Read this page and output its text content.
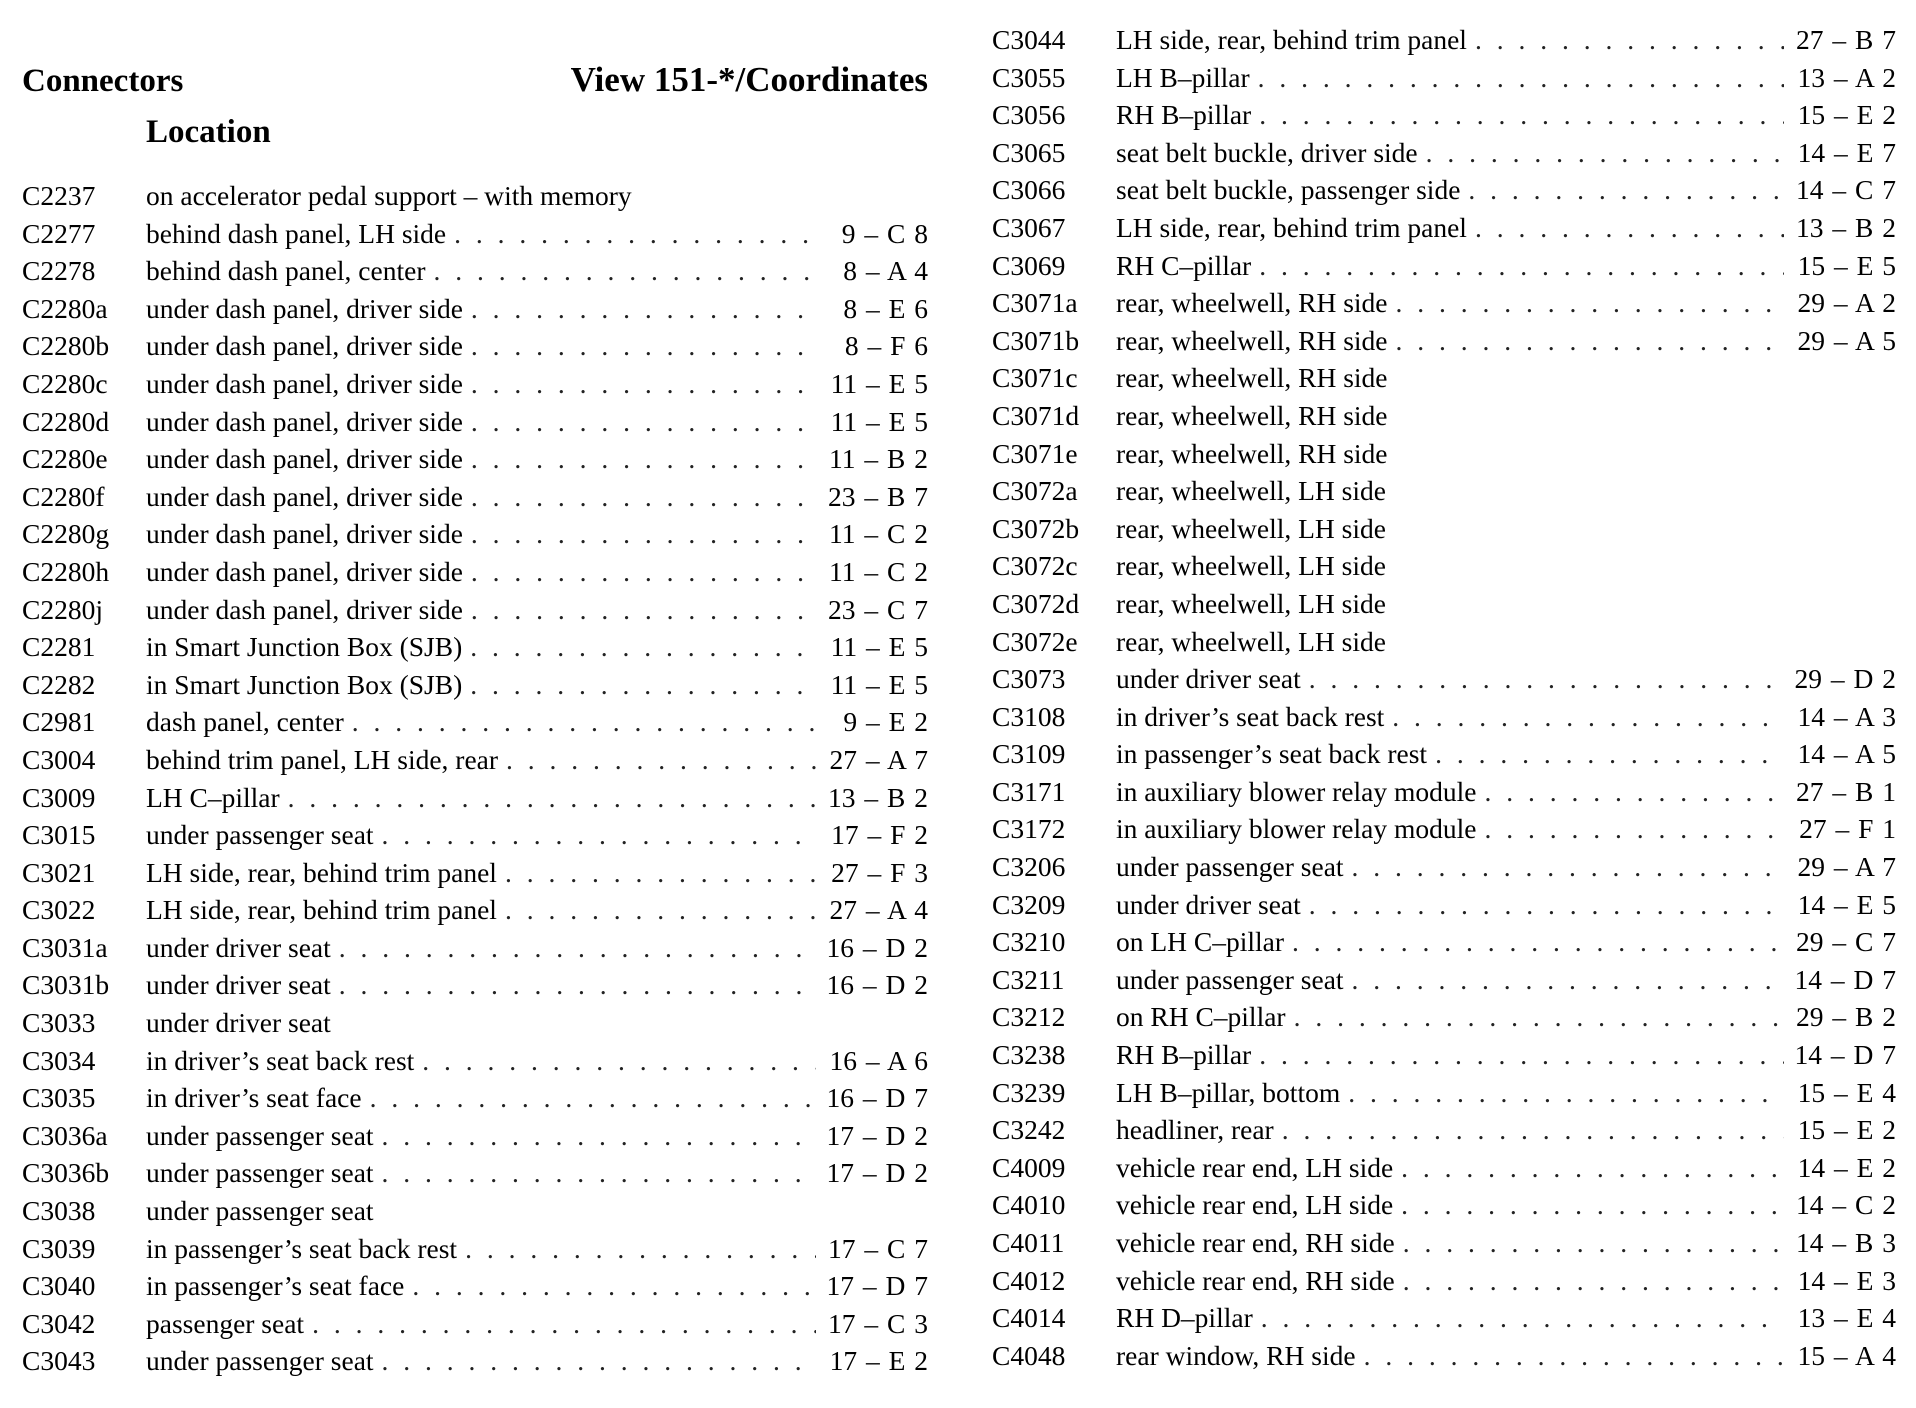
Connectors	View 151-*/Coordinates
Location
C2237	on accelerator pedal support – with memory
C2277	behind dash panel, LH side . . .	9 – C 8
C2278	behind dash panel, center . . .	8 – A 4
C2280a	under dash panel, driver side . . .	8 – E 6
C2280b	under dash panel, driver side . . .	8 – F 6
C2280c	under dash panel, driver side . . .	11 – E 5
C2280d	under dash panel, driver side . . .	11 – E 5
C2280e	under dash panel, driver side . . .	11 – B 2
C2280f	under dash panel, driver side . . .	23 – B 7
C2280g	under dash panel, driver side . . .	11 – C 2
C2280h	under dash panel, driver side . . .	11 – C 2
C2280j	under dash panel, driver side . . .	23 – C 7
C2281	in Smart Junction Box (SJB) . . .	11 – E 5
C2282	in Smart Junction Box (SJB) . . .	11 – E 5
C2981	dash panel, center . . .	9 – E 2
C3004	behind trim panel, LH side, rear . . .	27 – A 7
C3009	LH C–pillar . . .	13 – B 2
C3015	under passenger seat . . .	17 – F 2
C3021	LH side, rear, behind trim panel . . .	27 – F 3
C3022	LH side, rear, behind trim panel . . .	27 – A 4
C3031a	under driver seat . . .	16 – D 2
C3031b	under driver seat . . .	16 – D 2
C3033	under driver seat
C3034	in driver’s seat back rest . . .	16 – A 6
C3035	in driver’s seat face . . .	16 – D 7
C3036a	under passenger seat . . .	17 – D 2
C3036b	under passenger seat . . .	17 – D 2
C3038	under passenger seat
C3039	in passenger’s seat back rest . . .	17 – C 7
C3040	in passenger’s seat face . . .	17 – D 7
C3042	passenger seat . . .	17 – C 3
C3043	under passenger seat . . .	17 – E 2
C3044	LH side, rear, behind trim panel . . .	27 – B 7
C3055	LH B–pillar . . .	13 – A 2
C3056	RH B–pillar . . .	15 – E 2
C3065	seat belt buckle, driver side . . .	14 – E 7
C3066	seat belt buckle, passenger side . . .	14 – C 7
C3067	LH side, rear, behind trim panel . . .	13 – B 2
C3069	RH C–pillar . . .	15 – E 5
C3071a	rear, wheelwell, RH side . . .	29 – A 2
C3071b	rear, wheelwell, RH side . . .	29 – A 5
C3071c	rear, wheelwell, RH side
C3071d	rear, wheelwell, RH side
C3071e	rear, wheelwell, RH side
C3072a	rear, wheelwell, LH side
C3072b	rear, wheelwell, LH side
C3072c	rear, wheelwell, LH side
C3072d	rear, wheelwell, LH side
C3072e	rear, wheelwell, LH side
C3073	under driver seat . . .	29 – D 2
C3108	in driver’s seat back rest . . .	14 – A 3
C3109	in passenger’s seat back rest . . .	14 – A 5
C3171	in auxiliary blower relay module . . .	27 – B 1
C3172	in auxiliary blower relay module . . .	27 – F 1
C3206	under passenger seat . . .	29 – A 7
C3209	under driver seat . . .	14 – E 5
C3210	on LH C–pillar . . .	29 – C 7
C3211	under passenger seat . . .	14 – D 7
C3212	on RH C–pillar . . .	29 – B 2
C3238	RH B–pillar . . .	14 – D 7
C3239	LH B–pillar, bottom . . .	15 – E 4
C3242	headliner, rear . . .	15 – E 2
C4009	vehicle rear end, LH side . . .	14 – E 2
C4010	vehicle rear end, LH side . . .	14 – C 2
C4011	vehicle rear end, RH side . . .	14 – B 3
C4012	vehicle rear end, RH side . . .	14 – E 3
C4014	RH D–pillar . . .	13 – E 4
C4048	rear window, RH side . . .	15 – A 4
